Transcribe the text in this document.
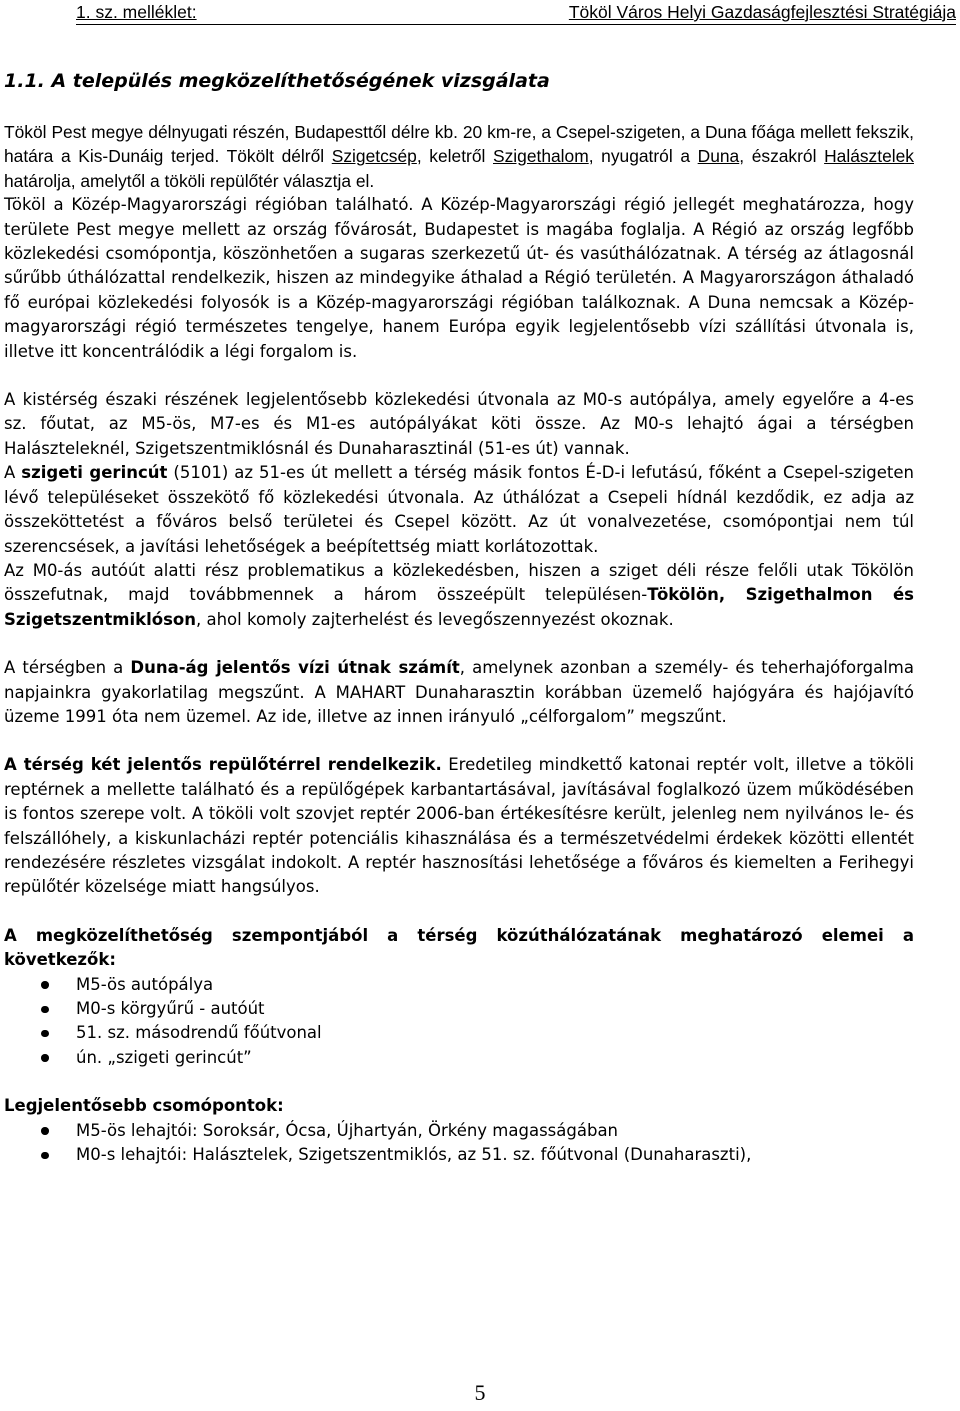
1. sz. melléklet:	Tököl Város Helyi Gazdaságfejlesztési Stratégiája
1.1. A település megközelíthetőségének vizsgálata

Tököl Pest megye délnyugati részén, Budapesttől délre kb. 20 km-re, a Csepel-szigeten, a Duna főága mellett fekszik, határa a Kis-Dunáig terjed. Tökölt délről Szigetcsép, keletről Szigethalom, nyugatról a Duna, északról Halásztelek határolja, amelytől a tököli repülőtér választja el.

Tököl a Közép-Magyarországi régióban található. A Közép-Magyarországi régió jellegét meghatározza, hogy területe Pest megye mellett az ország fővárosát, Budapestet is magába foglalja. A Régió az ország legfőbb közlekedési csomópontja, köszönhetően a sugaras szerkezetű út- és vasúthálózatnak. A térség az átlagosnál sűrűbb úthálózattal rendelkezik, hiszen az mindegyike áthalad a Régió területén. A Magyarországon áthaladó fő európai közlekedési folyosók is a Közép-magyarországi régióban találkoznak. A Duna nemcsak a Közép-magyarországi régió természetes tengelye, hanem Európa egyik legjelentősebb vízi szállítási útvonala is, illetve itt koncentrálódik a légi forgalom is.

A kistérség északi részének legjelentősebb közlekedési útvonala az M0-s autópálya, amely egyelőre a 4-es sz. főutat, az M5-ös, M7-es és M1-es autópályákat köti össze. Az M0-s lehajtó ágai a térségben Halászteleknél, Szigetszentmiklósnál és Dunaharasztinál (51-es út) vannak.

A szigeti gerincút (5101) az 51-es út mellett a térség másik fontos É-D-i lefutású, főként a Csepel-szigeten lévő településeket összekötő fő közlekedési útvonala. Az úthálózat a Csepeli hídnál kezdődik, ez adja az összeköttetést a főváros belső területei és Csepel között. Az út vonalvezetése, csomópontjai nem túl szerencsések, a javítási lehetőségek a beépítettség miatt korlátozottak.

Az M0-ás autóút alatti rész problematikus a közlekedésben, hiszen a sziget déli része felőli utak Tökölön összefutnak, majd továbbmennek a három összeépült településen-Tökölön, Szigethalmon és Szigetszentmiklóson, ahol komoly zajterhelést és levegőszennyezést okoznak.

A térségben a Duna-ág jelentős vízi útnak számít, amelynek azonban a személy- és teherhajóforgalma napjainkra gyakorlatilag megszűnt. A MAHART Dunaharasztin korábban üzemelő hajógyára és hajójavító üzeme 1991 óta nem üzemel. Az ide, illetve az innen irányuló „célforgalom” megszűnt.

A térség két jelentős repülőtérrel rendelkezik. Eredetileg mindkettő katonai reptér volt, illetve a tököli reptérnek a mellette található és a repülőgépek karbantartásával, javításával foglalkozó üzem működésében is fontos szerepe volt. A tököli volt szovjet reptér 2006-ban értékesítésre került, jelenleg nem nyilvános le- és felszállóhely, a kiskunlacházi reptér potenciális kihasználása és a természetvédelmi érdekek közötti ellentét rendezésére részletes vizsgálat indokolt. A reptér hasznosítási lehetősége a főváros és kiemelten a Ferihegyi repülőtér közelsége miatt hangsúlyos.

A megközelíthetőség szempontjából a térség közúthálózatának meghatározó elemei a következők:

M5-ös autópálya
M0-s körgyűrű - autóút
51. sz. másodrendű főútvonal
ún. „szigeti gerincút”

Legjelentősebb csomópontok:

M5-ös lehajtói: Soroksár, Ócsa, Újhartyán, Örkény magasságában
M0-s lehajtói: Halásztelek, Szigetszentmiklós, az 51. sz. főútvonal (Dunaharaszti),
5
